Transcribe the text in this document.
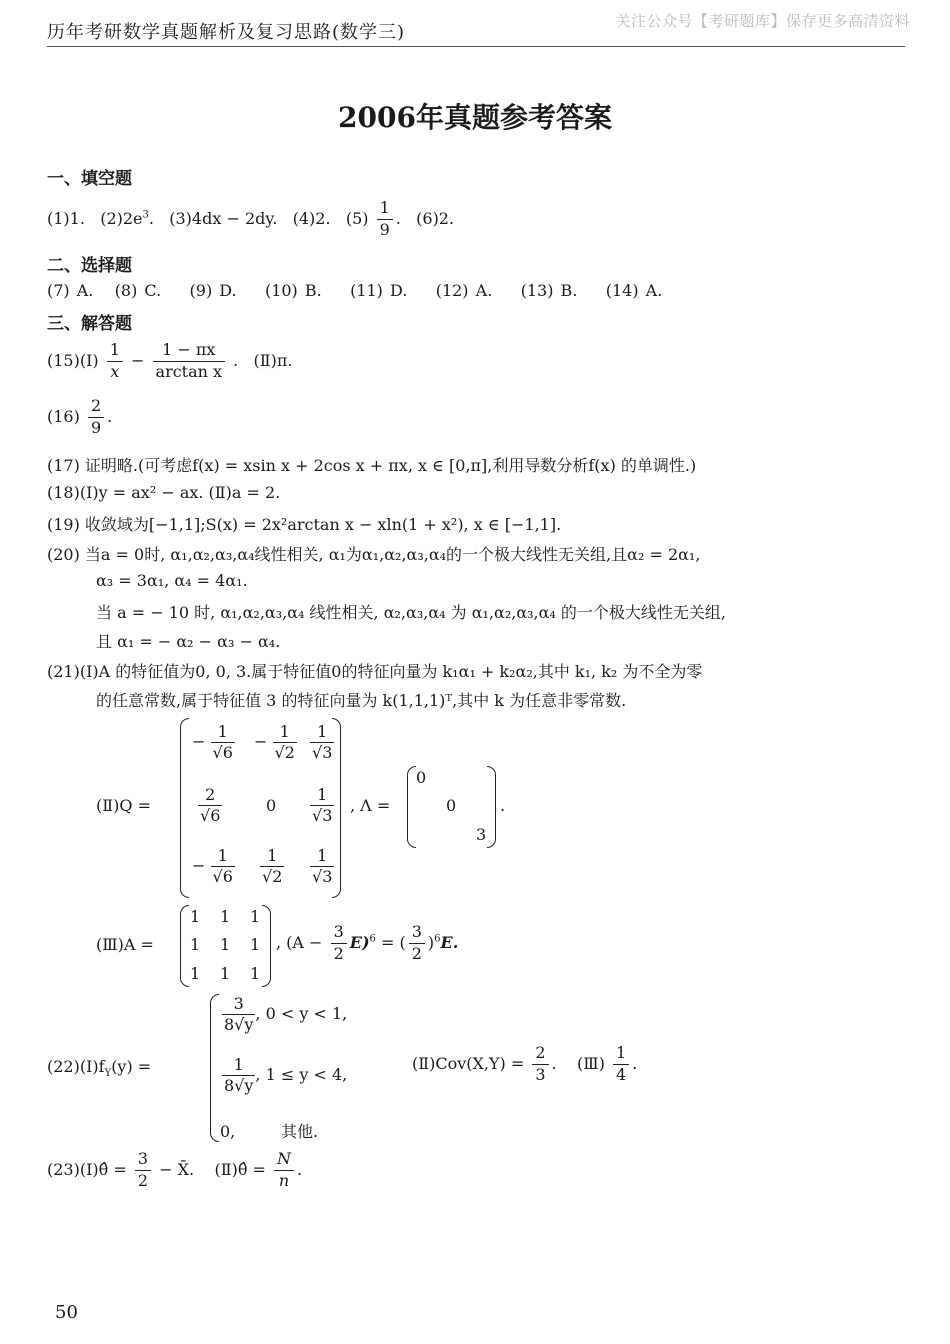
历年考研数学真题解析及复习思路(数学三)
关注公众号【考研题库】保存更多高清资料
2006年真题参考答案
一、填空题
(1)1. $(2)2e^3$. (3)4dx − 2dy. (4)2. $(5) \frac{1}{9}$ . (6)2.
二、选择题
(7) A. (8) C. (9) D. (10) B. (11) D. (12) A. (13) B. (14) A.
三、解答题
(15)(Ⅰ) $\frac{1}{x} - \frac{1 - \pi x}{\text{arctan x}}$ . (Ⅱ)π.
$(16) \frac{2}{9}$ .
(17) 证明略.(可考虑f(x) = xsin x + 2cos x + πx, x ∈ [0,π],利用导数分析f(x) 的单调性.)
(18)(Ⅰ)y = ax² − ax. (Ⅱ)a = 2.
(19) 收敛域为[−1,1];S(x) = 2x²arctan x − xln(1 + x²), x ∈ [−1,1].
(20) 当a = 0时, α₁,α₂,α₃,α₄线性相关, α₁为α₁,α₂,α₃,α₄的一个极大线性无关组,且α₂ = 2α₁,
α₃ = 3α₁, α₄ = 4α₁.
当 a = − 10 时, α₁,α₂,α₃,α₄ 线性相关, α₂,α₃,α₄ 为 α₁,α₂,α₃,α₄ 的一个极大线性无关组,
且 α₁ = − α₂ − α₃ − α₄.
(21)(Ⅰ)A 的特征值为0, 0, 3.属于特征值0的特征向量为 k₁α₁ + k₂α₂,其中 k₁, k₂ 为不全为零
的任意常数,属于特征值 3 的特征向量为 k(1,1,1)ᵀ,其中 k 为任意非零常数.
(Ⅱ)Q =
− $\frac{1}{√6} - \frac{1}{√2} \frac{1}{√3}$
$\frac{2}{√6}$	$0 \frac{1}{√3}$
− $\frac{1}{√6} \frac{1}{√2} \frac{1}{√3}$
, Λ =
0
0
3
.
(Ⅲ)A =
1 1 1
1 1 1
1 1 1
, $(A - \frac{3}{2} E)^6$ = ( $\frac{3}{2} )^6E$.
$(22)(Ⅰ)f_Y(y)$ =
$\frac{3}{8√y}$ , 0 < y < 1,
$\frac{1}{8√y}$ , 1 ≤ y < 4,
0,	其他.
(Ⅱ)Cov(X,Y) = $\frac{2}{3}$ . (Ⅲ) $\frac{1}{4}$ .
(23)(Ⅰ)θ̂ = $\frac{3}{2}$ − X̄. (Ⅱ)θ̂ = $\frac{N}{n}$ .
50
